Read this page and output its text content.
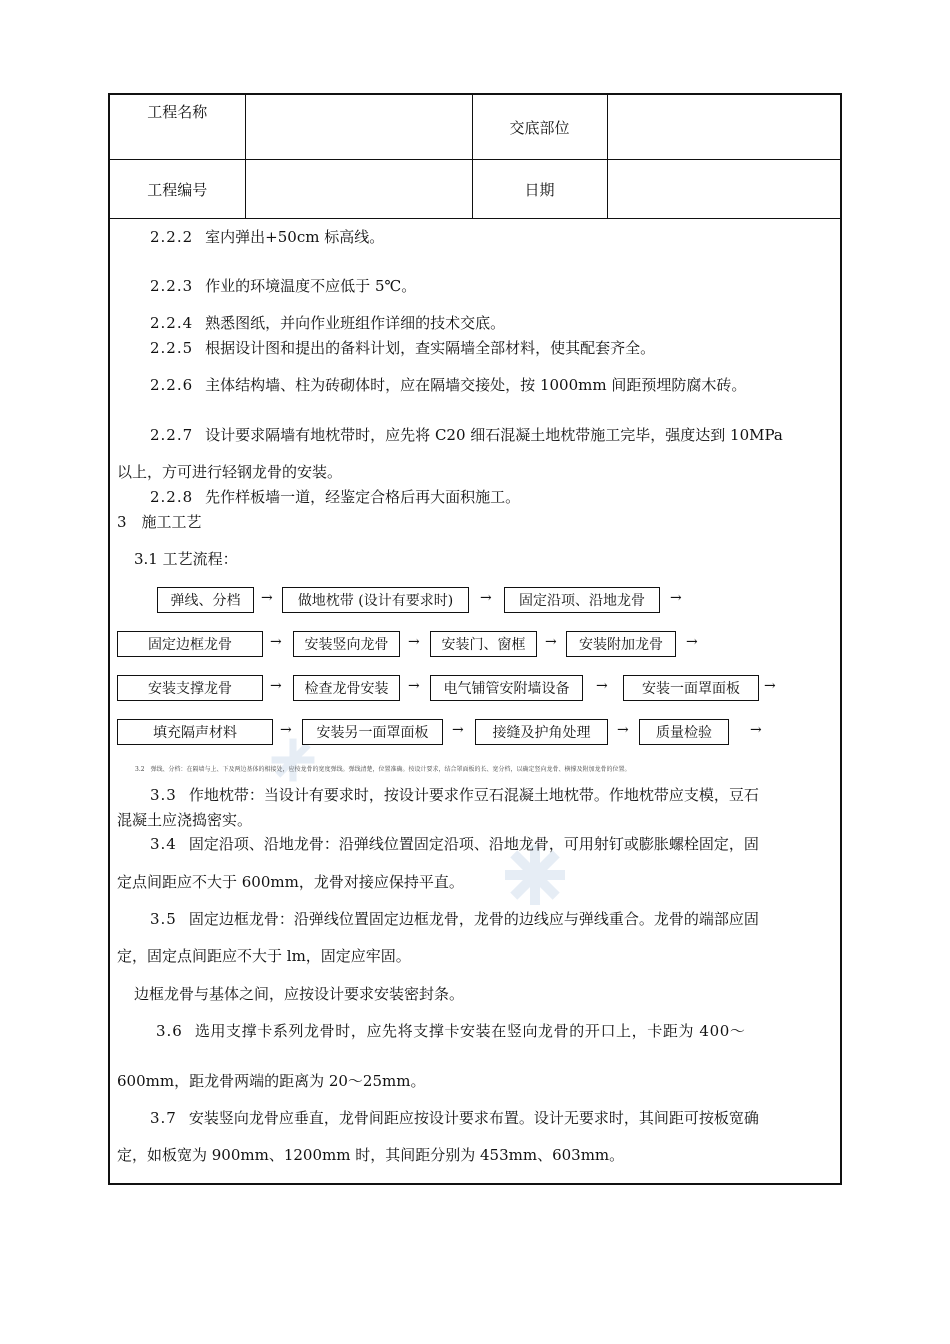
工程名称		交底部位	
工程编号		日期	
2.2.2 室内弹出+50cm 标高线。
2.2.3 作业的环境温度不应低于 5℃。
2.2.4 熟悉图纸，并向作业班组作详细的技术交底。
2.2.5 根据设计图和提出的备料计划，查实隔墙全部材料，使其配套齐全。
2.2.6 主体结构墙、柱为砖砌体时，应在隔墙交接处，按 1000mm 间距预埋防腐木砖。
2.2.7 设计要求隔墙有地枕带时，应先将 C20 细石混凝土地枕带施工完毕，强度达到 10MPa
以上，方可进行轻钢龙骨的安装。
2.2.8 先作样板墙一道，经鉴定合格后再大面积施工。
3　施工工艺
3.1 工艺流程：
弹线、分档	→	做地枕带 (设计有要求时)	→	固定沿项、沿地龙骨	→
固定边框龙骨	→	安装竖向龙骨	→	安装门、窗框	→	安装附加龙骨	→
安装支撑龙骨	→	检查龙骨安装	→	电气铺管安附墙设备	→	安装一面罩面板	→
填充隔声材料	→	安装另一面罩面板	→	接缝及护角处理	→	质量检验	→
3.2　弹线、分档：在隔墙与上、下及两边基体的相接处，应按龙骨的宽度弹线。弹线清楚，位置准确。按设计要求，结合罩面板的长、宽分档，以确定竖向龙骨、横撑及附加龙骨的位置。
3.3 作地枕带：当设计有要求时，按设计要求作豆石混凝土地枕带。作地枕带应支模，豆石
混凝土应浇捣密实。
3.4 固定沿项、沿地龙骨：沿弹线位置固定沿项、沿地龙骨，可用射钉或膨胀螺栓固定，固
定点间距应不大于 600mm，龙骨对接应保持平直。
3.5 固定边框龙骨：沿弹线位置固定边框龙骨，龙骨的边线应与弹线重合。龙骨的端部应固
定，固定点间距应不大于 lm，固定应牢固。
边框龙骨与基体之间，应按设计要求安装密封条。
3.6 选用支撑卡系列龙骨时，应先将支撑卡安装在竖向龙骨的开口上，卡距为 400～
600mm，距龙骨两端的距离为 20～25mm。
3.7 安装竖向龙骨应垂直，龙骨间距应按设计要求布置。设计无要求时，其间距可按板宽确
定，如板宽为 900mm、1200mm 时，其间距分别为 453mm、603mm。
